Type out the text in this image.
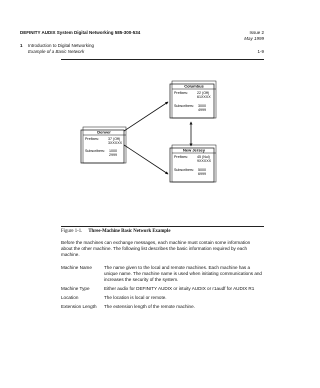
DEFINITY AUDIX System Digital Networking 585-300-534	Issue 2
May 1999
1 Introduction to Digital Networking
Example of a Basic Network	1-9
Columbus
Prefixes:	22 (Off)
61XXXX
Subscribers: 3000
4999
Denver
Prefixes:	37 (Off)
3XXXXX
Subscribers: 1000
2999
New Jersey
Prefixes:	45 (Nul)
9XXXXX
Subscribers: 5000
6999
Figure 1-1. Three-Machine Basic Network Example
Before the machines can exchange messages, each machine must contain some information about the other machine. The following list describes the basic information required by each machine.
Machine Name	The name given to the local and remote machines. Each machine has a unique name. The machine name is used when initiating communications and increases the security of the system.
Machine Type	Either audix for DEFINITY AUDIX or intuity AUDIX or r1audf for AUDIX R1
Location	The location is local or remote.
Extension Length	The extension length of the remote machine.
